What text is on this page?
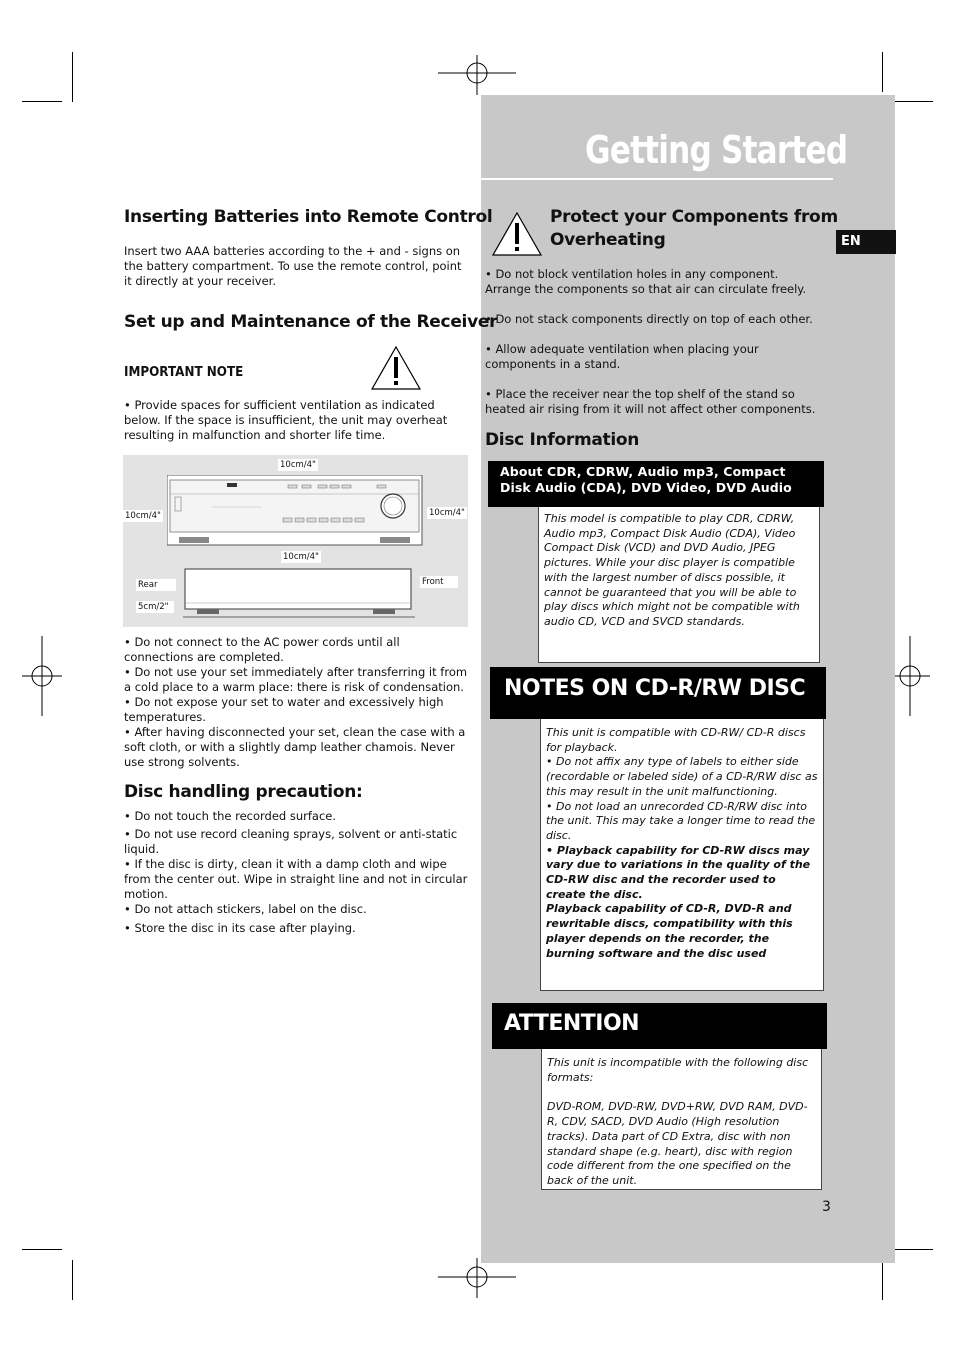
Getting Started
EN
Inserting Batteries into Remote Control

Insert two AAA batteries according to the + and - signs on the battery compartment. To use the remote control, point it directly at your receiver.

Set up and Maintenance of the Receiver
IMPORTANT NOTE

• Provide spaces for sufficient ventilation as indicated below. If the space is insufficient, the unit may overheat resulting in malfunction and shorter life time.

10cm/4"
10cm/4"	10cm/4"
10cm/4"
Rear	Front
5cm/2"

• Do not connect to the AC power cords until all connections are completed.

• Do not use your set immediately after transferring it from a cold place to a warm place: there is risk of condensation.

• Do not expose your set to water and excessively high temperatures.

• After having disconnected your set, clean the case with a soft cloth, or with a slightly damp leather chamois. Never use strong solvents.

Disc handling precaution:

• Do not touch the recorded surface.

• Do not use record cleaning sprays, solvent or anti-static liquid.

• If the disc is dirty, clean it with a damp cloth and wipe from the center out. Wipe in straight line and not in circular motion.

• Do not attach stickers, label on the disc.

• Store the disc in its case after playing.

Protect your Components from
Overheating

• Do not block ventilation holes in any component. Arrange the components so that air can circulate freely.

• Do not stack components directly on top of each other.

• Allow adequate ventilation when placing your components in a stand.

• Place the receiver near the top shelf of the stand so heated air rising from it will not affect other components.

Disc Information
This model is compatible to play CDR, CDRW, Audio mp3, Compact Disk Audio (CDA), Video Compact Disk (VCD) and DVD Audio, JPEG pictures. While your disc player is compatible with the largest number of discs possible, it cannot be guaranteed that you will be able to play discs which might not be compatible with audio CD, VCD and SVCD standards.
About CDR, CDRW, Audio mp3, Compact Disk Audio (CDA), DVD Video, DVD Audio
This unit is compatible with CD-RW/ CD-R discs for playback.
• Do not affix any type of labels to either side (recordable or labeled side) of a CD-R/RW disc as this may result in the unit malfunctioning.
• Do not load an unrecorded CD-R/RW disc into the unit. This may take a longer time to read the disc.
• Playback capability for CD-RW discs may vary due to variations in the quality of the CD-RW disc and the recorder used to create the disc.
Playback capability of CD-R, DVD-R and rewritable discs, compatibility with this player depends on the recorder, the burning software and the disc used
NOTES ON CD-R/RW DISC
This unit is incompatible with the following disc formats:
DVD-ROM, DVD-RW, DVD+RW, DVD RAM, DVD-R, CDV, SACD, DVD Audio (High resolution tracks). Data part of CD Extra, disc with non standard shape (e.g. heart), disc with region code different from the one specified on the back of the unit.
ATTENTION
3
